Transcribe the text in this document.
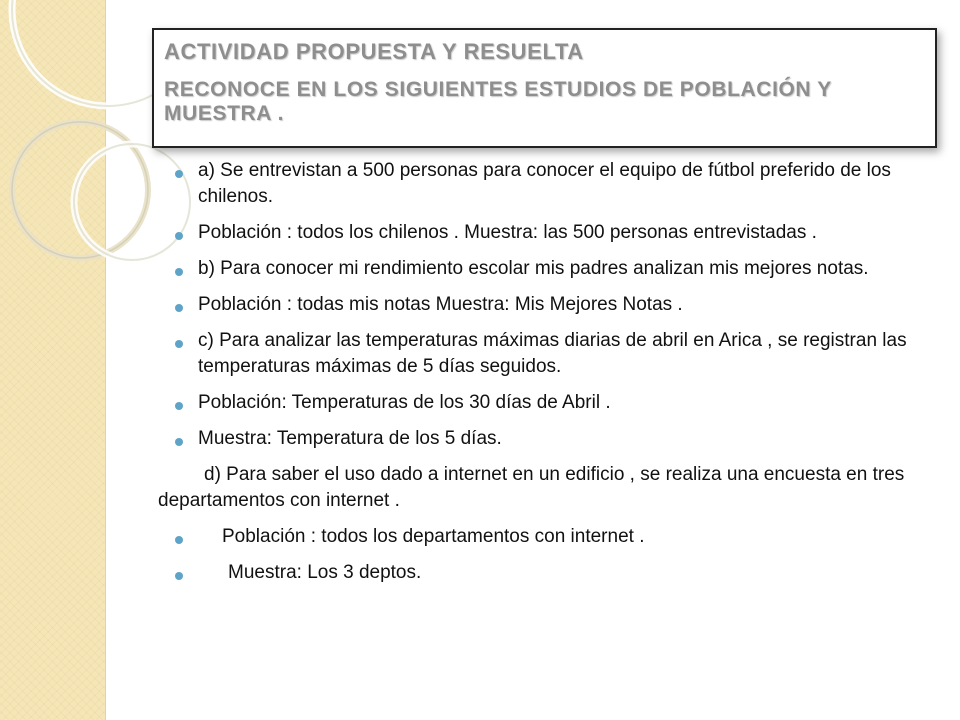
ACTIVIDAD PROPUESTA Y RESUELTA
RECONOCE EN LOS SIGUIENTES ESTUDIOS DE POBLACIÓN Y MUESTRA .
a) Se entrevistan a 500 personas para conocer el equipo de fútbol preferido de los chilenos.
Población : todos los chilenos . Muestra: las 500 personas entrevistadas .
b) Para conocer mi rendimiento escolar mis padres analizan mis mejores notas.
Población : todas mis notas Muestra: Mis Mejores Notas .
c) Para analizar las temperaturas máximas diarias de abril en Arica , se registran las temperaturas máximas de 5 días seguidos.
Población: Temperaturas de los 30 días de Abril .
Muestra: Temperatura de los 5 días.
d) Para saber el uso dado a internet en un edificio , se realiza una encuesta en tres departamentos con internet .
Población : todos los departamentos con internet .
Muestra: Los 3 deptos.
